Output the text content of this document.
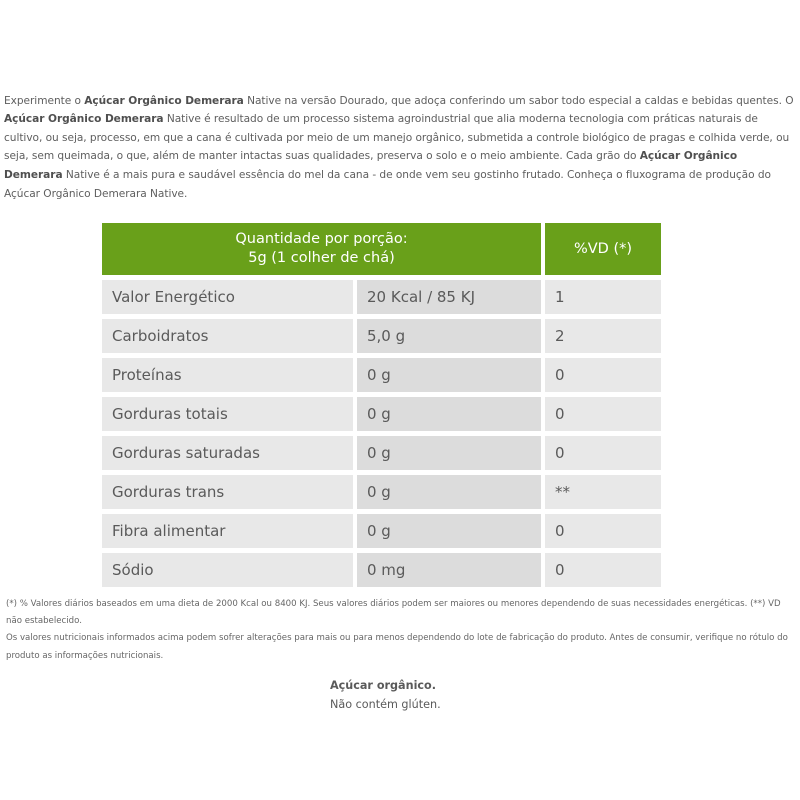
Experimente o Açúcar Orgânico Demerara Native na versão Dourado, que adoça conferindo um sabor todo especial a caldas e bebidas quentes. O Açúcar Orgânico Demerara Native é resultado de um processo sistema agroindustrial que alia moderna tecnologia com práticas naturais de cultivo, ou seja, processo, em que a cana é cultivada por meio de um manejo orgânico, submetida a controle biológico de pragas e colhida verde, ou seja, sem queimada, o que, além de manter intactas suas qualidades, preserva o solo e o meio ambiente. Cada grão do Açúcar Orgânico Demerara Native é a mais pura e saudável essência do mel da cana - de onde vem seu gostinho frutado. Conheça o fluxograma de produção do Açúcar Orgânico Demerara Native.

Quantidade por porção:
5g (1 colher de chá)		%VD (*)
Valor Energético	20 Kcal / 85 KJ	1
Carboidratos	5,0 g	2
Proteínas	0 g	0
Gorduras totais	0 g	0
Gorduras saturadas	0 g	0
Gorduras trans	0 g	**
Fibra alimentar	0 g	0
Sódio	0 mg	0

(*) % Valores diários baseados em uma dieta de 2000 Kcal ou 8400 KJ. Seus valores diários podem ser maiores ou menores dependendo de suas necessidades energéticas. (**) VD não estabelecido.

Os valores nutricionais informados acima podem sofrer alterações para mais ou para menos dependendo do lote de fabricação do produto. Antes de consumir, verifique no rótulo do produto as informações nutricionais.

Açúcar orgânico.

Não contém glúten.
